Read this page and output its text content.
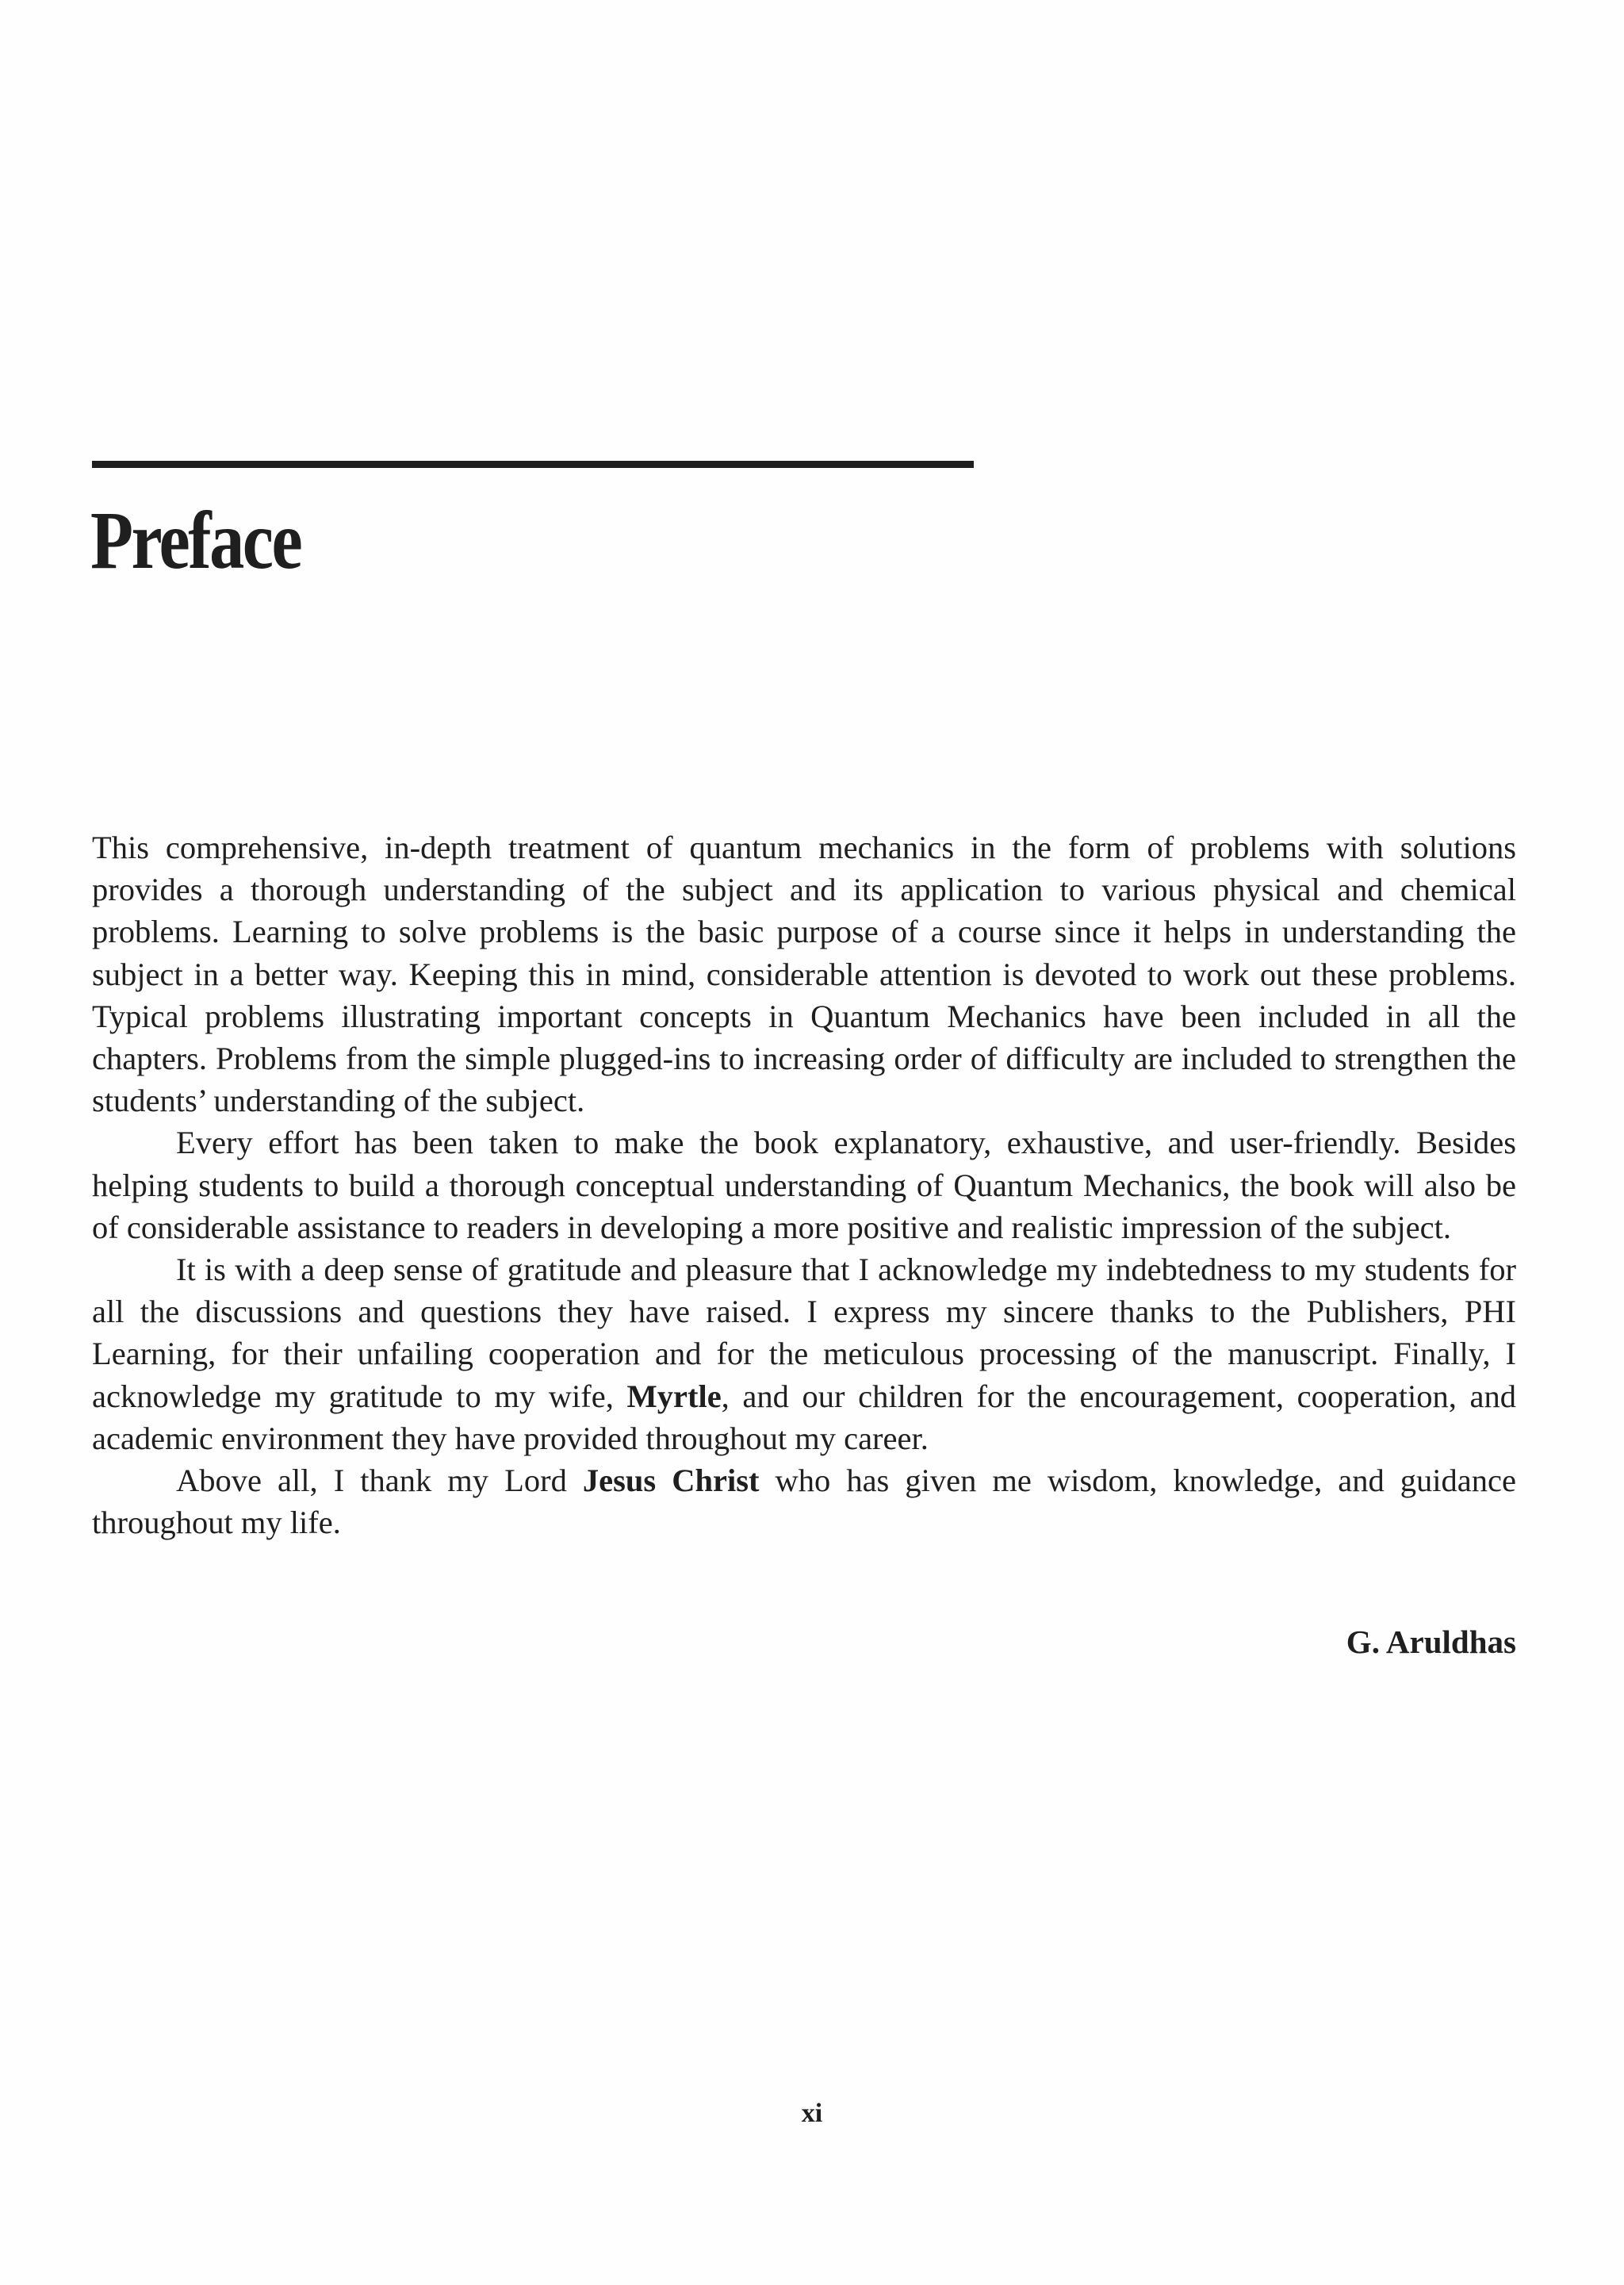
Preface

This comprehensive, in-depth treatment of quantum mechanics in the form of problems with solutions provides a thorough understanding of the subject and its application to various physical and chemical problems. Learning to solve problems is the basic purpose of a course since it helps in understanding the subject in a better way. Keeping this in mind, considerable attention is devoted to work out these problems. Typical problems illustrating important concepts in Quantum Mechanics have been included in all the chapters. Problems from the simple plugged-ins to increasing order of difficulty are included to strengthen the students’ understanding of the subject.

Every effort has been taken to make the book explanatory, exhaustive, and user-friendly. Besides helping students to build a thorough conceptual understanding of Quantum Mechanics, the book will also be of considerable assistance to readers in developing a more positive and realistic impression of the subject.

It is with a deep sense of gratitude and pleasure that I acknowledge my indebtedness to my students for all the discussions and questions they have raised. I express my sincere thanks to the Publishers, PHI Learning, for their unfailing cooperation and for the meticulous processing of the manuscript. Finally, I acknowledge my gratitude to my wife, Myrtle, and our children for the encouragement, cooperation, and academic environment they have provided throughout my career.

Above all, I thank my Lord Jesus Christ who has given me wisdom, knowledge, and guidance throughout my life.

G. Aruldhas
xi
